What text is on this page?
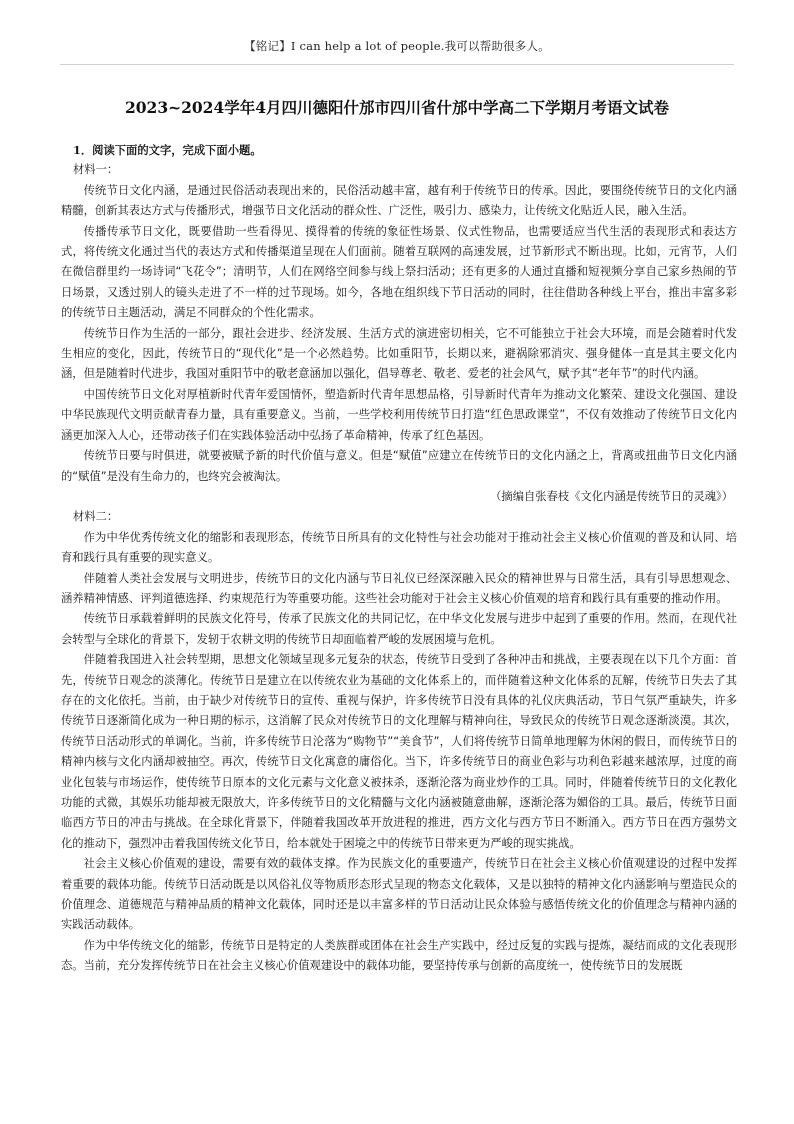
【铭记】I can help a lot of people.我可以帮助很多人。
2023~2024学年4月四川德阳什邡市四川省什邡中学高二下学期月考语文试卷
1．阅读下面的文字，完成下面小题。
材料一：

传统节日文化内涵，是通过民俗活动表现出来的，民俗活动越丰富，越有利于传统节日的传承。因此，要围绕传统节日的文化内涵精髓，创新其表达方式与传播形式，增强节日文化活动的群众性、广泛性，吸引力、感染力，让传统文化贴近人民，融入生活。

传播传承节日文化，既要借助一些看得见、摸得着的传统的象征性场景、仪式性物品，也需要适应当代生活的表现形式和表达方式，将传统文化通过当代的表达方式和传播渠道呈现在人们面前。随着互联网的高速发展，过节新形式不断出现。比如，元宵节，人们在微信群里约一场诗词“飞花令”；清明节，人们在网络空间参与线上祭扫活动；还有更多的人通过直播和短视频分享自己家乡热闹的节日场景，又透过别人的镜头走进了不一样的过节现场。如今，各地在组织线下节日活动的同时，往往借助各种线上平台，推出丰富多彩的传统节日主题活动，满足不同群众的个性化需求。

传统节日作为生活的一部分，跟社会进步、经济发展、生活方式的演进密切相关，它不可能独立于社会大环境，而是会随着时代发生相应的变化，因此，传统节日的“现代化”是一个必然趋势。比如重阳节，长期以来，避祸除邪消灾、强身健体一直是其主要文化内涵，但是随着时代进步，我国对重阳节中的敬老意涵加以强化，倡导尊老、敬老、爱老的社会风气，赋予其“老年节”的时代内涵。

中国传统节日文化对厚植新时代青年爱国情怀，塑造新时代青年思想品格，引导新时代青年为推动文化繁荣、建设文化强国、建设中华民族现代文明贡献青春力量，具有重要意义。当前，一些学校利用传统节日打造“红色思政课堂”，不仅有效推动了传统节日文化内涵更加深入人心，还带动孩子们在实践体验活动中弘扬了革命精神，传承了红色基因。

传统节日要与时俱进，就要被赋予新的时代价值与意义。但是“赋值”应建立在传统节日的文化内涵之上，背离或扭曲节日文化内涵的“赋值”是没有生命力的，也终究会被淘汰。

（摘编自张春枝《文化内涵是传统节日的灵魂》）

材料二：

作为中华优秀传统文化的缩影和表现形态，传统节日所具有的文化特性与社会功能对于推动社会主义核心价值观的普及和认同、培育和践行具有重要的现实意义。

伴随着人类社会发展与文明进步，传统节日的文化内涵与节日礼仪已经深深融入民众的精神世界与日常生活，具有引导思想观念、涵养精神情感、评判道德选择、约束规范行为等重要功能。这些社会功能对于社会主义核心价值观的培育和践行具有重要的推动作用。

传统节日承载着鲜明的民族文化符号，传承了民族文化的共同记忆，在中华文化发展与进步中起到了重要的作用。然而，在现代社会转型与全球化的背景下，发轫于农耕文明的传统节日却面临着严峻的发展困境与危机。

伴随着我国进入社会转型期，思想文化领域呈现多元复杂的状态，传统节日受到了各种冲击和挑战，主要表现在以下几个方面：首先，传统节日观念的淡薄化。传统节日是建立在以传统农业为基础的文化体系上的，而伴随着这种文化体系的瓦解，传统节日失去了其存在的文化依托。当前，由于缺少对传统节日的宣传、重视与保护，许多传统节日没有具体的礼仪庆典活动，节日气氛严重缺失，许多传统节日逐渐简化成为一种日期的标示，这消解了民众对传统节日的文化理解与精神向往，导致民众的传统节日观念逐渐淡漠。其次，传统节日活动形式的单调化。当前，许多传统节日沦落为“购物节”“美食节”，人们将传统节日简单地理解为休闲的假日，而传统节日的精神内核与文化内涵却被抽空。再次，传统节日文化寓意的庸俗化。当下，许多传统节日的商业色彩与功利色彩越来越浓厚，过度的商业化包装与市场运作，使传统节日原本的文化元素与文化意义被抹杀，逐渐沦落为商业炒作的工具。同时，伴随着传统节日的文化教化功能的式微，其娱乐功能却被无限放大，许多传统节日的文化精髓与文化内涵被随意曲解，逐渐沦落为媚俗的工具。最后，传统节日面临西方节日的冲击与挑战。在全球化背景下，伴随着我国改革开放进程的推进，西方文化与西方节日不断涌入。西方节日在西方强势文化的推动下，强烈冲击着我国传统文化节日，给本就处于困境之中的传统节日带来更为严峻的现实挑战。

社会主义核心价值观的建设，需要有效的载体支撑。作为民族文化的重要遗产，传统节日在社会主义核心价值观建设的过程中发挥着重要的载体功能。传统节日活动既是以风俗礼仪等物质形态形式呈现的物态文化载体，又是以独特的精神文化内涵影响与塑造民众的价值理念、道德规范与精神品质的精神文化载体，同时还是以丰富多样的节日活动让民众体验与感悟传统文化的价值理念与精神内涵的实践活动载体。

作为中华传统文化的缩影，传统节日是特定的人类族群或团体在社会生产实践中，经过反复的实践与提炼，凝结而成的文化表现形态。当前，充分发挥传统节日在社会主义核心价值观建设中的载体功能，要坚持传承与创新的高度统一，使传统节日的发展既
